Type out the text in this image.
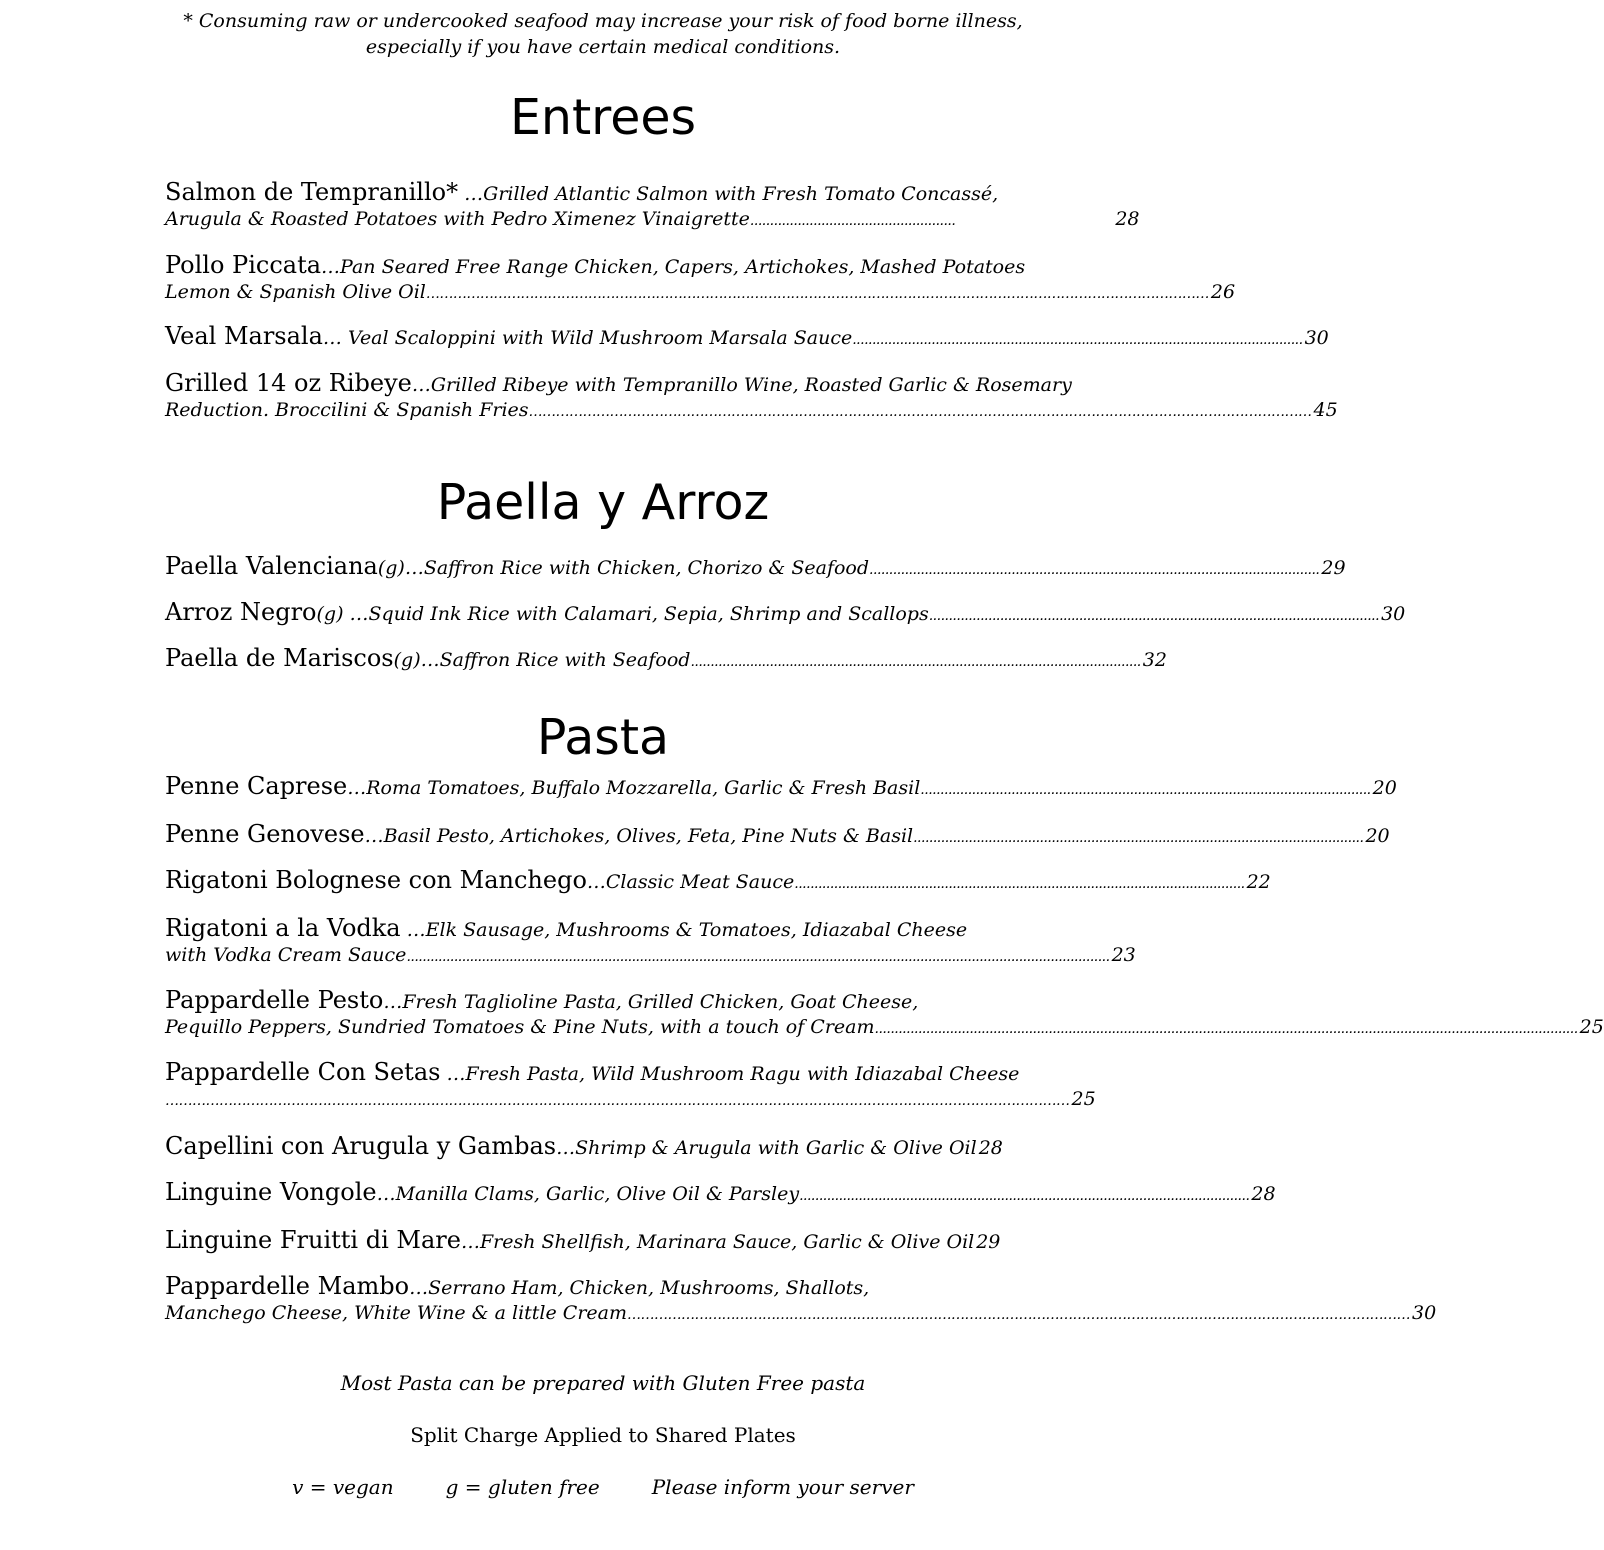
* Consuming raw or undercooked seafood may increase your risk of food borne illness,
especially if you have certain medical conditions.
Entrees
Salmon de Tempranillo* …Grilled Atlantic Salmon with Fresh Tomato Concassé,
Arugula & Roasted Potatoes with Pedro Ximenez Vinaigrette .................................................... 28
Pollo Piccata…Pan Seared Free Range Chicken, Capers, Artichokes, Mashed Potatoes
Lemon & Spanish Olive Oil ………………………………………………………………………………………………………………………………………………………… 26
Veal Marsala … Veal Scaloppini with Wild Mushroom Marsala Sauce .................................................................................................................. 30
Grilled 14 oz Ribeye…Grilled Ribeye with Tempranillo Wine, Roasted Garlic & Rosemary
Reduction. Broccilini & Spanish Fries ………………………………………………………………………………………………………………………………………………………… 45
Paella y Arroz
Paella Valenciana (g)…Saffron Rice with Chicken, Chorizo & Seafood .................................................................................................................. 29
Arroz Negro (g) …Squid Ink Rice with Calamari, Sepia, Shrimp and Scallops .................................................................................................................. 30
Paella de Mariscos (g)…Saffron Rice with Seafood .................................................................................................................. 32
Pasta
Penne Caprese …Roma Tomatoes, Buffalo Mozzarella, Garlic & Fresh Basil .................................................................................................................. 20
Penne Genovese …Basil Pesto, Artichokes, Olives, Feta, Pine Nuts & Basil .................................................................................................................. 20
Rigatoni Bolognese con Manchego …Classic Meat Sauce .................................................................................................................. 22
Rigatoni a la Vodka …Elk Sausage, Mushrooms & Tomatoes, Idiazabal Cheese
with Vodka Cream Sauce .................................................................................................................................................................................. 23
Pappardelle Pesto…Fresh Taglioline Pasta, Grilled Chicken, Goat Cheese,
Pequillo Peppers, Sundried Tomatoes & Pine Nuts, with a touch of Cream .................................................................................................................................................................................. 25
Pappardelle Con Setas …Fresh Pasta, Wild Mushroom Ragu with Idiazabal Cheese
………………………………………………………………………………………………………………………………………………………………………………… 25
Capellini con Arugula y Gambas …Shrimp & Arugula with Garlic & Olive Oil 28
Linguine Vongole …Manilla Clams, Garlic, Olive Oil & Parsley .................................................................................................................. 28
Linguine Fruitti di Mare …Fresh Shellfish, Marinara Sauce, Garlic & Olive Oil 29
Pappardelle Mambo…Serrano Ham, Chicken, Mushrooms, Shallots,
Manchego Cheese, White Wine & a little Cream ………………………………………………………………………………………………………………………………………………………… 30
Most Pasta can be prepared with Gluten Free pasta
Split Charge Applied to Shared Plates
v = vegan	g = gluten free	Please inform your server
